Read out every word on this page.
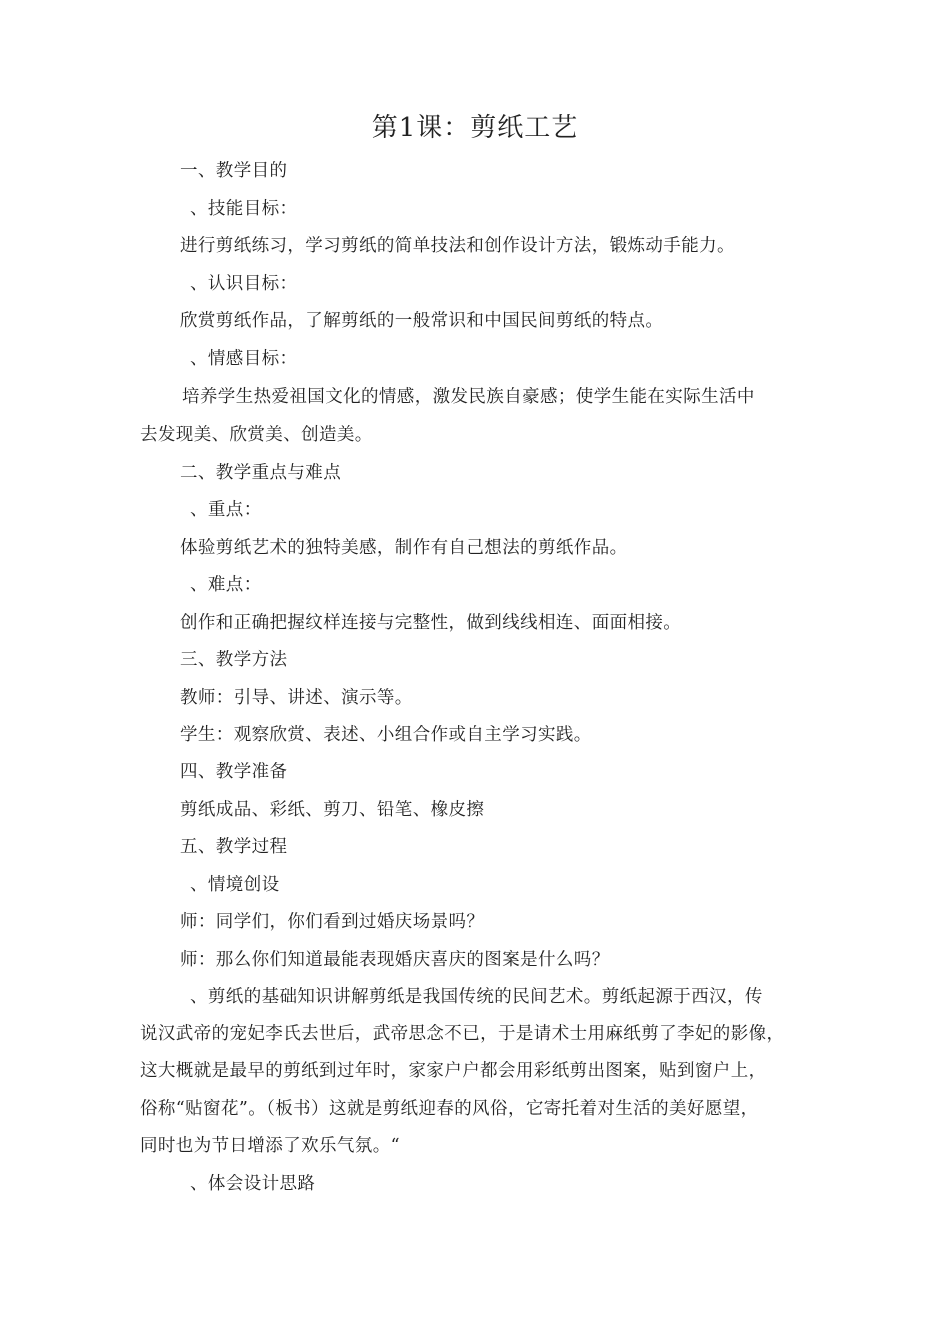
第1课：剪纸工艺
一、教学目的
、技能目标：
进行剪纸练习，学习剪纸的简单技法和创作设计方法，锻炼动手能力。
、认识目标：
欣赏剪纸作品，了解剪纸的一般常识和中国民间剪纸的特点。
、情感目标：
培养学生热爱祖国文化的情感，激发民族自豪感；使学生能在实际生活中
去发现美、欣赏美、创造美。
二、教学重点与难点
、重点：
体验剪纸艺术的独特美感，制作有自己想法的剪纸作品。
、难点：
创作和正确把握纹样连接与完整性，做到线线相连、面面相接。
三、教学方法
教师：引导、讲述、演示等。
学生：观察欣赏、表述、小组合作或自主学习实践。
四、教学准备
剪纸成品、彩纸、剪刀、铅笔、橡皮擦
五、教学过程
、情境创设
师：同学们，你们看到过婚庆场景吗？
师：那么你们知道最能表现婚庆喜庆的图案是什么吗？
、剪纸的基础知识讲解剪纸是我国传统的民间艺术。剪纸起源于西汉，传
说汉武帝的宠妃李氏去世后，武帝思念不已，于是请术士用麻纸剪了李妃的影像，
这大概就是最早的剪纸到过年时，家家户户都会用彩纸剪出图案，贴到窗户上，
俗称“贴窗花”。（板书）这就是剪纸迎春的风俗，它寄托着对生活的美好愿望，
同时也为节日增添了欢乐气氛。“
、体会设计思路
